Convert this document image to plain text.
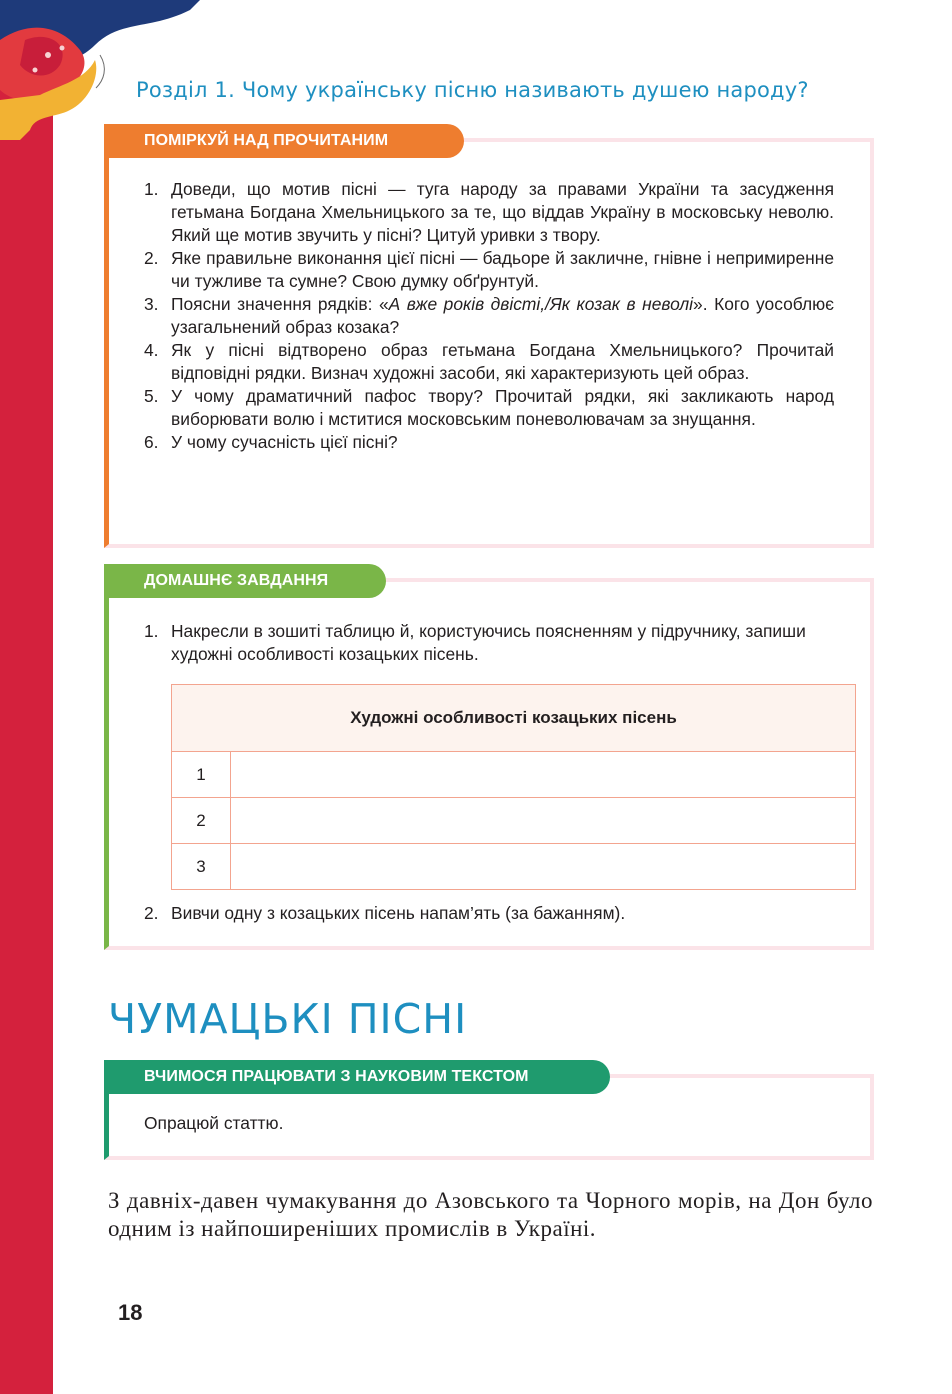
Розділ 1. Чому українську пісню називають душею народу?
ПОМІРКУЙ НАД ПРОЧИТАНИМ
1. Доведи, що мотив пісні — туга народу за правами України та засудження гетьмана Богдана Хмельницького за те, що віддав Україну в московську неволю. Який ще мотив звучить у пісні? Цитуй уривки з твору.
2. Яке правильне виконання цієї пісні — бадьоре й закличне, гнівне і непримиренне чи тужливе та сумне? Свою думку обґрунтуй.
3. Поясни значення рядків: «А вже років двісті,/Як козак в неволі». Кого уособлює узагальнений образ козака?
4. Як у пісні відтворено образ гетьмана Богдана Хмельницького? Прочитай відповідні рядки. Визнач художні засоби, які характеризують цей образ.
5. У чому драматичний пафос твору? Прочитай рядки, які закликають народ виборювати волю і мститися московським поневолювачам за знущання.
6. У чому сучасність цієї пісні?
ДОМАШНЄ ЗАВДАННЯ
1. Накресли в зошиті таблицю й, користуючись поясненням у підручнику, запиши художні особливості козацьких пісень.
Художні особливості козацьких пісень	
1	
2	
3	
2. Вивчи одну з козацьких пісень напам’ять (за бажанням).
ЧУМАЦЬКІ ПІСНІ
ВЧИМОСЯ ПРАЦЮВАТИ З НАУКОВИМ ТЕКСТОМ
Опрацюй статтю.
З давніх-давен чумакування до Азовського та Чорного морів, на Дон було одним із найпоширеніших промислів в Україні.
18
